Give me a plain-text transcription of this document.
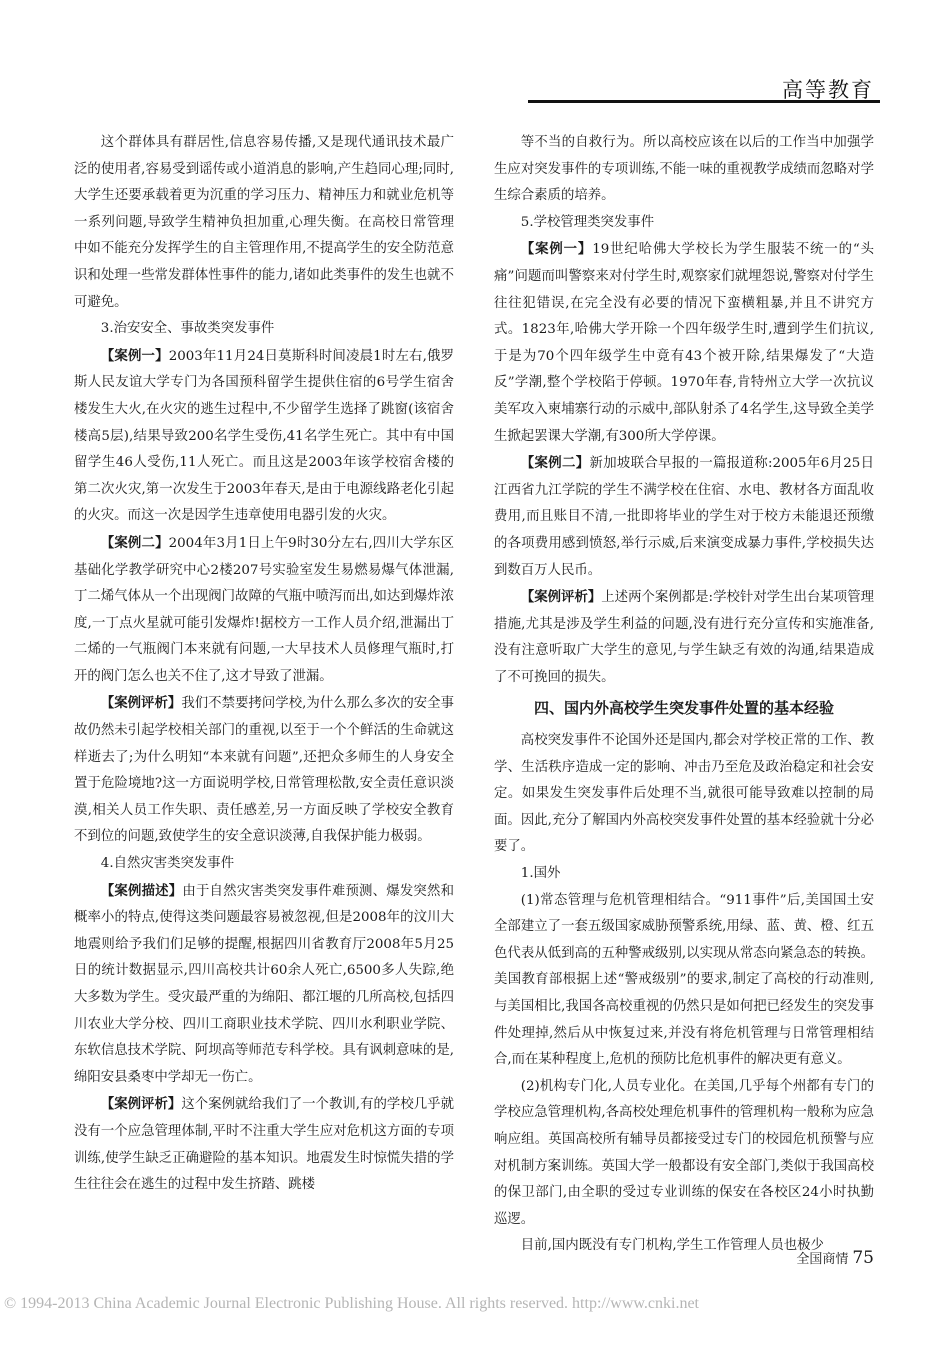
高等教育

这个群体具有群居性,信息容易传播,又是现代通讯技术最广泛的使用者,容易受到谣传或小道消息的影响,产生趋同心理;同时,大学生还要承载着更为沉重的学习压力、精神压力和就业危机等一系列问题,导致学生精神负担加重,心理失衡。在高校日常管理中如不能充分发挥学生的自主管理作用,不提高学生的安全防范意识和处理一些常发群体性事件的能力,诸如此类事件的发生也就不可避免。

3.治安安全、事故类突发事件

【案例一】2003年11月24日莫斯科时间凌晨1时左右,俄罗斯人民友谊大学专门为各国预科留学生提供住宿的6号学生宿舍楼发生大火,在火灾的逃生过程中,不少留学生选择了跳窗(该宿舍楼高5层),结果导致200名学生受伤,41名学生死亡。其中有中国留学生46人受伤,11人死亡。而且这是2003年该学校宿舍楼的第二次火灾,第一次发生于2003年春天,是由于电源线路老化引起的火灾。而这一次是因学生违章使用电器引发的火灾。

【案例二】2004年3月1日上午9时30分左右,四川大学东区基础化学教学研究中心2楼207号实验室发生易燃易爆气体泄漏,丁二烯气体从一个出现阀门故障的气瓶中喷泻而出,如达到爆炸浓度,一丁点火星就可能引发爆炸!据校方一工作人员介绍,泄漏出丁二烯的一气瓶阀门本来就有问题,一大早技术人员修理气瓶时,打开的阀门怎么也关不住了,这才导致了泄漏。

【案例评析】我们不禁要拷问学校,为什么那么多次的安全事故仍然未引起学校相关部门的重视,以至于一个个鲜活的生命就这样逝去了;为什么明知“本来就有问题”,还把众多师生的人身安全置于危险境地?这一方面说明学校,日常管理松散,安全责任意识淡漠,相关人员工作失职、责任感差,另一方面反映了学校安全教育不到位的问题,致使学生的安全意识淡薄,自我保护能力极弱。

4.自然灾害类突发事件

【案例描述】由于自然灾害类突发事件难预测、爆发突然和概率小的特点,使得这类问题最容易被忽视,但是2008年的汶川大地震则给予我们们足够的提醒,根据四川省教育厅2008年5月25日的统计数据显示,四川高校共计60余人死亡,6500多人失踪,绝大多数为学生。受灾最严重的为绵阳、都江堰的几所高校,包括四川农业大学分校、四川工商职业技术学院、四川水利职业学院、东软信息技术学院、阿坝高等师范专科学校。具有讽刺意味的是,绵阳安县桑枣中学却无一伤亡。

【案例评析】这个案例就给我们了一个教训,有的学校几乎就没有一个应急管理体制,平时不注重大学生应对危机这方面的专项训练,使学生缺乏正确避险的基本知识。地震发生时惊慌失措的学生往往会在逃生的过程中发生挤踏、跳楼

等不当的自救行为。所以高校应该在以后的工作当中加强学生应对突发事件的专项训练,不能一味的重视教学成绩而忽略对学生综合素质的培养。

5.学校管理类突发事件

【案例一】19世纪哈佛大学校长为学生服装不统一的“头痛”问题而叫警察来对付学生时,观察家们就埋怨说,警察对付学生往往犯错误,在完全没有必要的情况下蛮横粗暴,并且不讲究方式。1823年,哈佛大学开除一个四年级学生时,遭到学生们抗议,于是为70个四年级学生中竟有43个被开除,结果爆发了“大造反”学潮,整个学校陷于停顿。1970年春,肯特州立大学一次抗议美军攻入柬埔寨行动的示威中,部队射杀了4名学生,这导致全美学生掀起罢课大学潮,有300所大学停课。

【案例二】新加坡联合早报的一篇报道称:2005年6月25日江西省九江学院的学生不满学校在住宿、水电、教材各方面乱收费用,而且账目不清,一批即将毕业的学生对于校方未能退还预缴的各项费用感到愤怒,举行示威,后来演变成暴力事件,学校损失达到数百万人民币。

【案例评析】上述两个案例都是:学校针对学生出台某项管理措施,尤其是涉及学生利益的问题,没有进行充分宣传和实施准备,没有注意听取广大学生的意见,与学生缺乏有效的沟通,结果造成了不可挽回的损失。

四、国内外高校学生突发事件处置的基本经验

高校突发事件不论国外还是国内,都会对学校正常的工作、教学、生活秩序造成一定的影响、冲击乃至危及政治稳定和社会安定。如果发生突发事件后处理不当,就很可能导致难以控制的局面。因此,充分了解国内外高校突发事件处置的基本经验就十分必要了。

1.国外

(1)常态管理与危机管理相结合。“911事件”后,美国国土安全部建立了一套五级国家威胁预警系统,用绿、蓝、黄、橙、红五色代表从低到高的五种警戒级别,以实现从常态向紧急态的转换。美国教育部根据上述“警戒级别”的要求,制定了高校的行动准则,与美国相比,我国各高校重视的仍然只是如何把已经发生的突发事件处理掉,然后从中恢复过来,并没有将危机管理与日常管理相结合,而在某种程度上,危机的预防比危机事件的解决更有意义。

(2)机构专门化,人员专业化。在美国,几乎每个州都有专门的学校应急管理机构,各高校处理危机事件的管理机构一般称为应急响应组。英国高校所有辅导员都接受过专门的校园危机预警与应对机制方案训练。英国大学一般都设有安全部门,类似于我国高校的保卫部门,由全职的受过专业训练的保安在各校区24小时执勤巡逻。

目前,国内既没有专门机构,学生工作管理人员也极少

全国商情 75
© 1994-2013 China Academic Journal Electronic Publishing House. All rights reserved. http://www.cnki.net
